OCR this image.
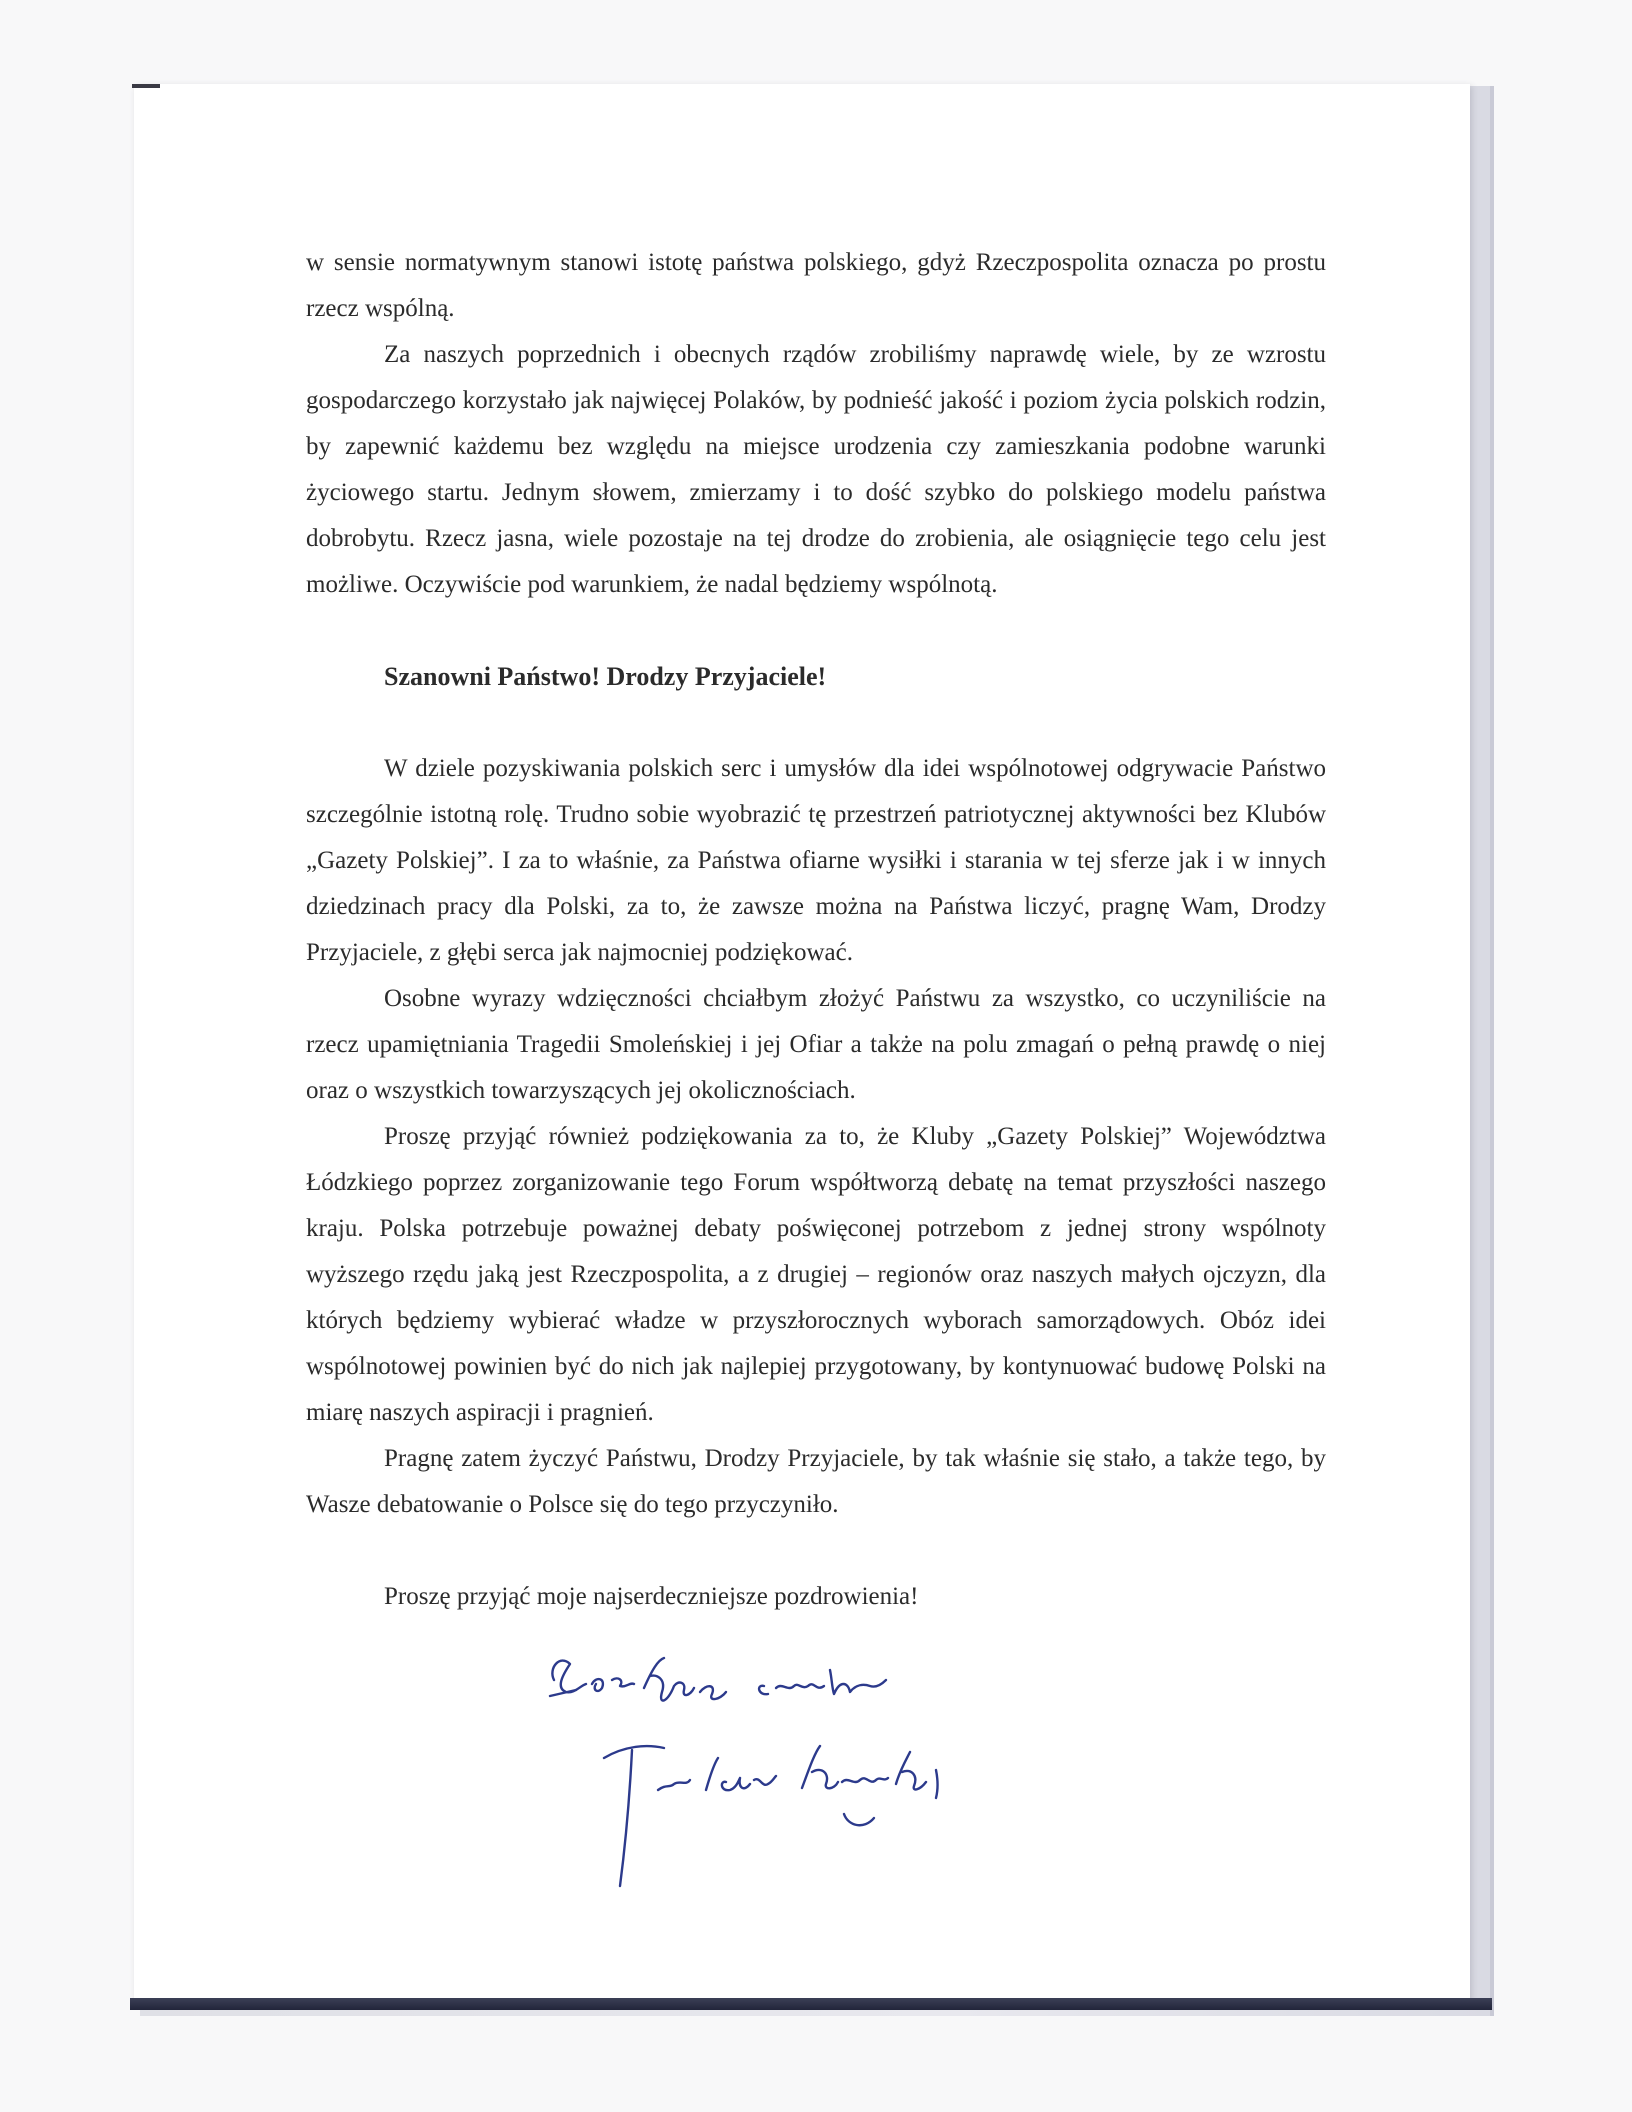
w sensie normatywnym stanowi istotę państwa polskiego, gdyż Rzeczpospolita oznacza po prostu rzecz wspólną.

Za naszych poprzednich i obecnych rządów zrobiliśmy naprawdę wiele, by ze wzrostu gospodarczego korzystało jak najwięcej Polaków, by podnieść jakość i poziom życia polskich rodzin, by zapewnić każdemu bez względu na miejsce urodzenia czy zamieszkania podobne warunki życiowego startu. Jednym słowem, zmierzamy i to dość szybko do polskiego modelu państwa dobrobytu. Rzecz jasna, wiele pozostaje na tej drodze do zrobienia, ale osiągnięcie tego celu jest możliwe. Oczywiście pod warunkiem, że nadal będziemy wspólnotą.

Szanowni Państwo! Drodzy Przyjaciele!

W dziele pozyskiwania polskich serc i umysłów dla idei wspólnotowej odgrywacie Państwo szczególnie istotną rolę. Trudno sobie wyobrazić tę przestrzeń patriotycznej aktywności bez Klubów „Gazety Polskiej”. I za to właśnie, za Państwa ofiarne wysiłki i starania w tej sferze jak i w innych dziedzinach pracy dla Polski, za to, że zawsze można na Państwa liczyć, pragnę Wam, Drodzy Przyjaciele, z głębi serca jak najmocniej podziękować.

Osobne wyrazy wdzięczności chciałbym złożyć Państwu za wszystko, co uczyniliście na rzecz upamiętniania Tragedii Smoleńskiej i jej Ofiar a także na polu zmagań o pełną prawdę o niej oraz o wszystkich towarzyszących jej okolicznościach.

Proszę przyjąć również podziękowania za to, że Kluby „Gazety Polskiej” Województwa Łódzkiego poprzez zorganizowanie tego Forum współtworzą debatę na temat przyszłości naszego kraju. Polska potrzebuje poważnej debaty poświęconej potrzebom z jednej strony wspólnoty wyższego rzędu jaką jest Rzeczpospolita, a z drugiej – regionów oraz naszych małych ojczyzn, dla których będziemy wybierać władze w przyszłorocznych wyborach samorządowych. Obóz idei wspólnotowej powinien być do nich jak najlepiej przygotowany, by kontynuować budowę Polski na miarę naszych aspiracji i pragnień.

Pragnę zatem życzyć Państwu, Drodzy Przyjaciele, by tak właśnie się stało, a także tego, by Wasze debatowanie o Polsce się do tego przyczyniło.

Proszę przyjąć moje najserdeczniejsze pozdrowienia!
